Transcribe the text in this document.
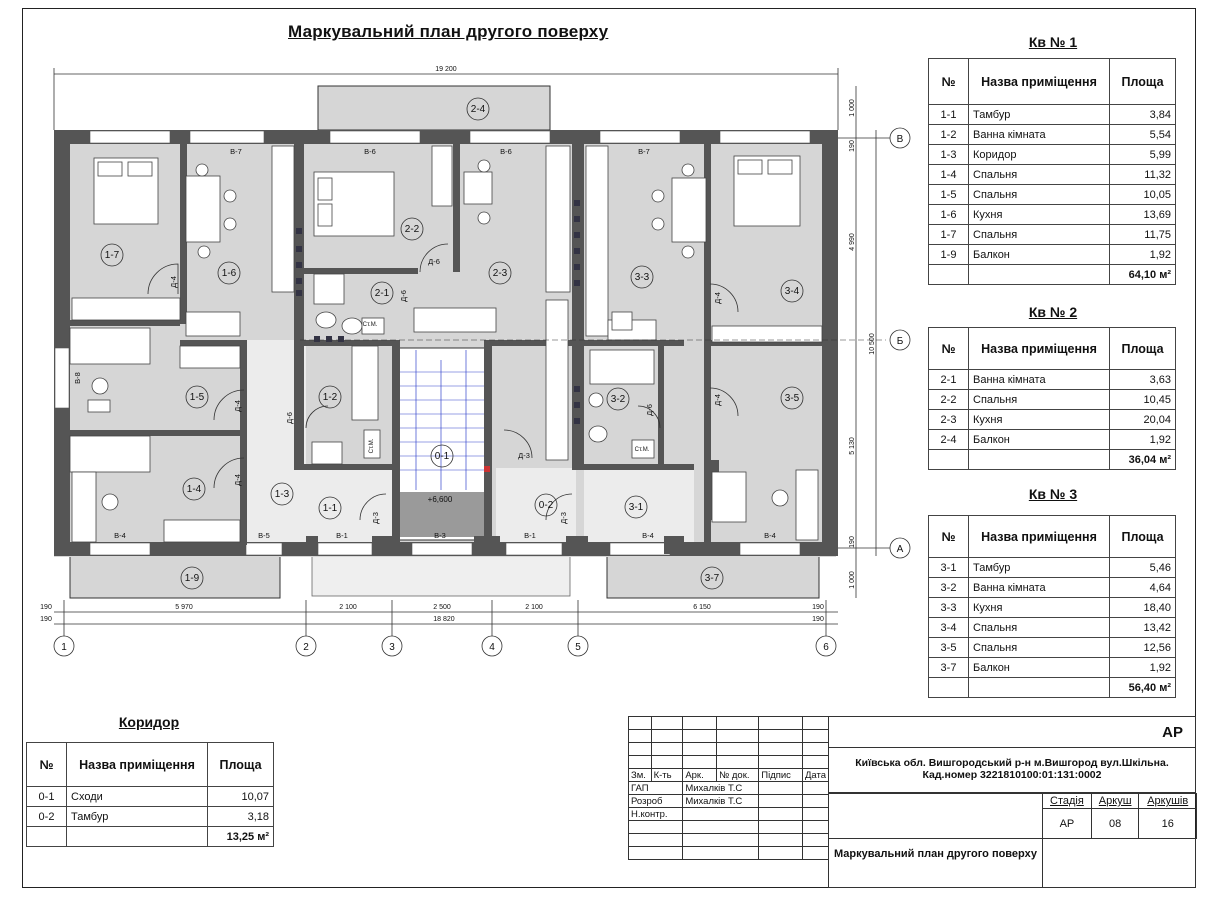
Маркувальний план другого поверху
1-1
1-2
1-3
1-4
1-5
1-6
1-7
1-9
2-1
2-2
2-3
2-4
3-1
3-2
3-3
3-4
3-5
3-7
0-1
0-2
+6,600
Д-4
Д-4
Д-4
Д-4
Д-4
Д-6
Д-6
Д-6
Д-6
Д-3
Д-3	Д-3
В-7	В-6	В-6	В-7
В-8
В-4	В-5	В-1	В-3	В-1	В-4	В-4
Ст.М.
Ст.М.	Ст.М.
19 200
5 970	2 100	2 500	2 100	6 150
18 820
190
190
190
190
1 000
190
4 990
10 500
5 130
190
1 000
В
Б
А
1	2	3	4	5	6
Кв № 1
№	Назва приміщення	Площа
1-1	Тамбур	3,84
1-2	Ванна кімната	5,54
1-3	Коридор	5,99
1-4	Спальня	11,32
1-5	Спальня	10,05
1-6	Кухня	13,69
1-7	Спальня	11,75
1-9	Балкон	1,92
		64,10 м²
Кв № 2
№	Назва приміщення	Площа
2-1	Ванна кімната	3,63
2-2	Спальня	10,45
2-3	Кухня	20,04
2-4	Балкон	1,92
		36,04 м²
Кв № 3
№	Назва приміщення	Площа
3-1	Тамбур	5,46
3-2	Ванна кімната	4,64
3-3	Кухня	18,40
3-4	Спальня	13,42
3-5	Спальня	12,56
3-7	Балкон	1,92
		56,40 м²
Коридор
№	Назва приміщення	Площа
0-1	Сходи	10,07
0-2	Тамбур	3,18
		13,25 м²

Зм.	К-ть	Арк.	№ док.	Підпис	Дата
ГАП		Михалків Т.С			
Розроб		Михалків Т.С			
Н.контр.					

АР
Київська обл. Вишгородський р-н м.Вишгород вул.Шкільна.
Кад.номер 3221810100:01:131:0002
Стадія	Аркуш	Аркушів
АР	08	16
Маркувальний план другого поверху
